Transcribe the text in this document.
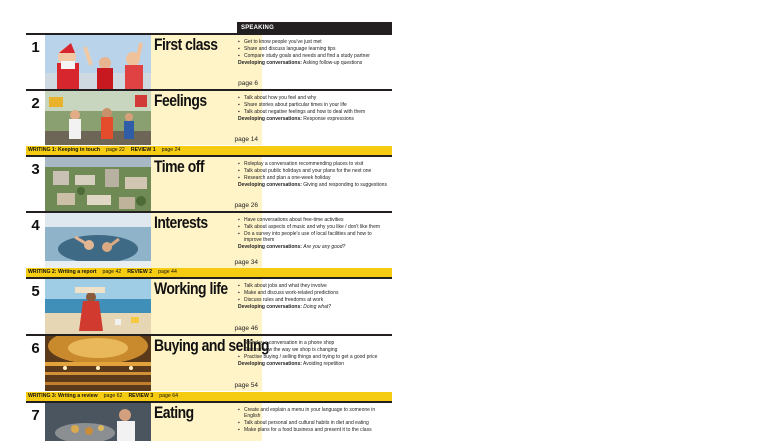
SPEAKING
1	First class
page 6
▪ Get to know people you've just met
▪ Share and discuss language learning tips
▪ Compare study goals and needs and find a study partner
Developing conversations: Asking follow-up questions
2	Feelings
page 14
▪ Talk about how you feel and why
▪ Share stories about particular times in your life
▪ Talk about negative feelings and how to deal with them
Developing conversations: Response expressions
WRITING 1: Keeping in touch page 22 REVIEW 1 page 24
3	Time off
page 26
▪ Roleplay a conversation recommending places to visit
▪ Talk about public holidays and your plans for the next one
▪ Research and plan a one-week holiday
Developing conversations: Giving and responding to suggestions
4	Interests
page 34
▪ Have conversations about free-time activities
▪ Talk about aspects of music and why you like / don't like them
▪ Do a survey into people's use of local facilities and how to improve them
Developing conversations: Are you any good?
WRITING 2: Writing a report page 42 REVIEW 2 page 44
5	Working life
page 46
▪ Talk about jobs and what they involve
▪ Make and discuss work-related predictions
▪ Discuss rules and freedoms at work
Developing conversations: Doing what?
6	Buying and selling
page 54
▪ Roleplay a conversation in a phone shop
▪ Discuss how the way we shop is changing
▪ Practise buying / selling things and trying to get a good price
Developing conversations: Avoiding repetition
WRITING 3: Writing a review page 62 REVIEW 3 page 64
7	Eating
▪	Create and explain a menu in your language to someone in English
▪ Talk about personal and cultural habits in diet and eating
▪ Make plans for a food business and present it to the class
